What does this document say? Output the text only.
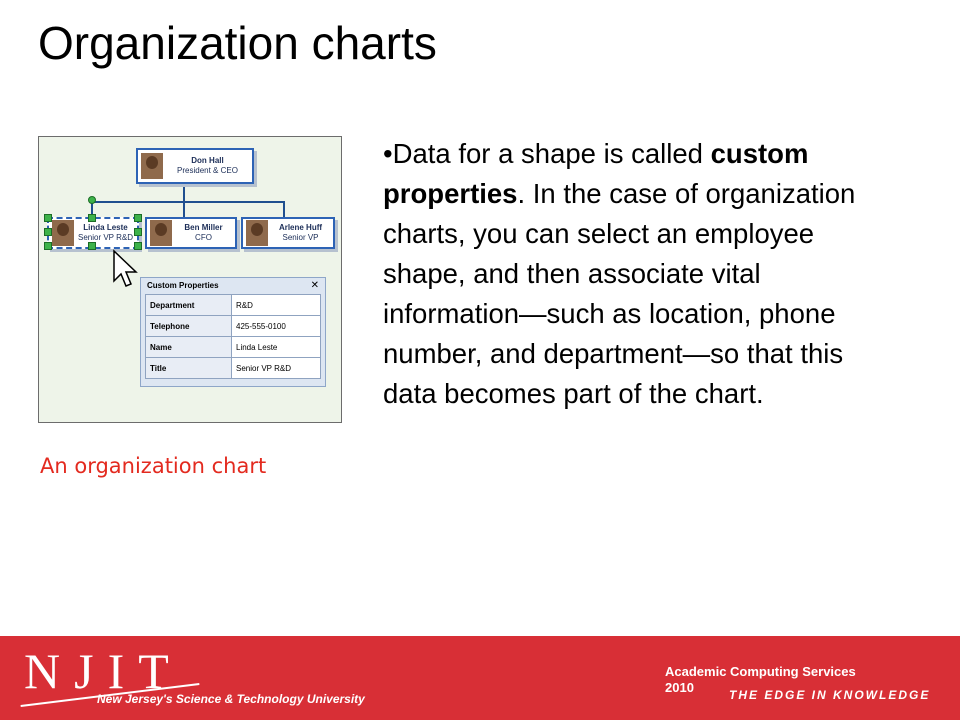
Organization charts
Don Hall
President & CEO
Linda Leste
Senior VP R&D
Ben Miller
CFO
Arlene Huff
Senior VP
Custom Properties	✕
Department	R&D
Telephone	425-555-0100
Name	Linda Leste
Title	Senior VP R&D
•Data for a shape is called custom properties. In the case of organization charts, you can select an employee shape, and then associate vital information—such as location, phone number, and department—so that this data becomes part of the chart.
An organization chart
NJIT
New Jersey's Science & Technology University
Academic Computing Services
2010	THE EDGE IN KNOWLEDGE
